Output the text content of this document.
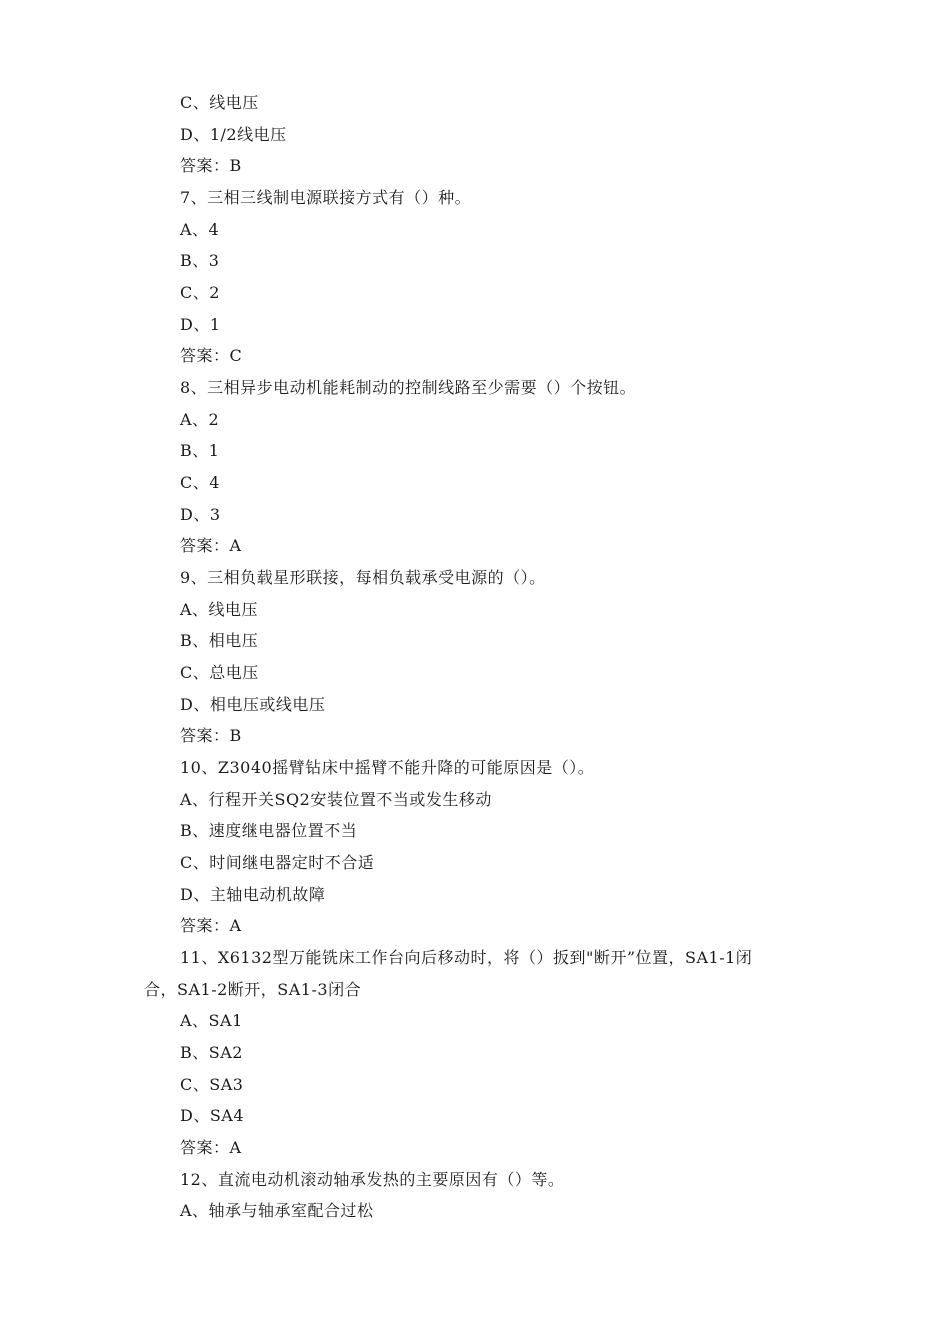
C、线电压
D、1/2线电压
答案：B
7、三相三线制电源联接方式有（）种。
A、4
B、3
C、2
D、1
答案：C
8、三相异步电动机能耗制动的控制线路至少需要（）个按钮。
A、2
B、1
C、4
D、3
答案：A
9、三相负载星形联接，每相负载承受电源的（）。
A、线电压
B、相电压
C、总电压
D、相电压或线电压
答案：B
10、Z3040摇臂钻床中摇臂不能升降的可能原因是（）。
A、行程开关SQ2安装位置不当或发生移动
B、速度继电器位置不当
C、时间继电器定时不合适
D、主轴电动机故障
答案：A
11、X6132型万能铣床工作台向后移动时，将（）扳到"断开”位置，SA1-1闭
合，SA1-2断开，SA1-3闭合
A、SA1
B、SA2
C、SA3
D、SA4
答案：A
12、直流电动机滚动轴承发热的主要原因有（）等。
A、轴承与轴承室配合过松
